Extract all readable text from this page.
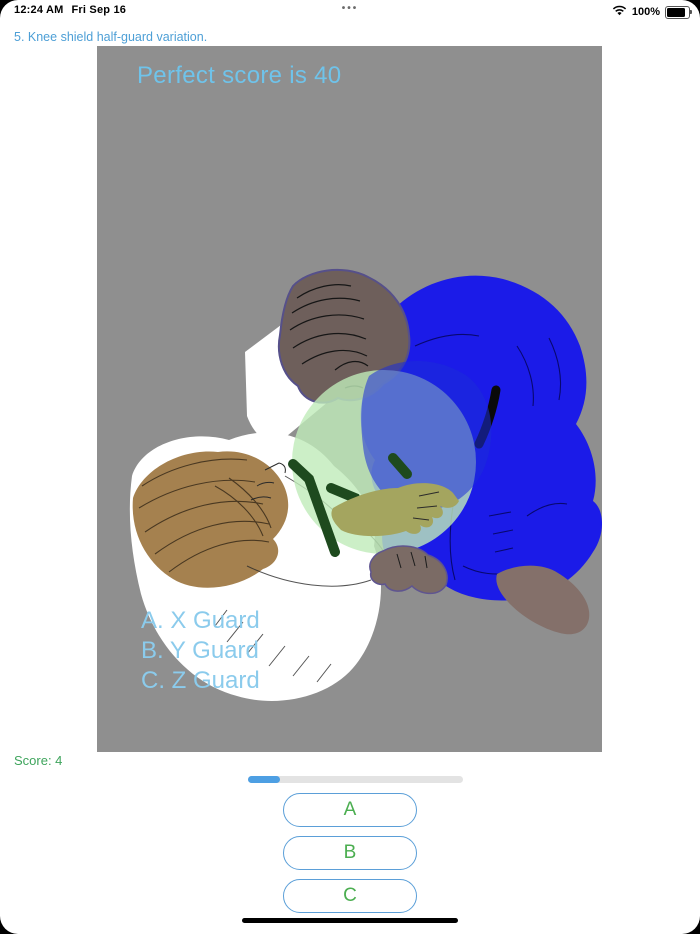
12:24 AM Fri Sep 16	•••	100%
5. Knee shield half-guard variation.
Perfect score is 40
A. X Guard
B. Y Guard
C. Z Guard
Score: 4
A
B
C
